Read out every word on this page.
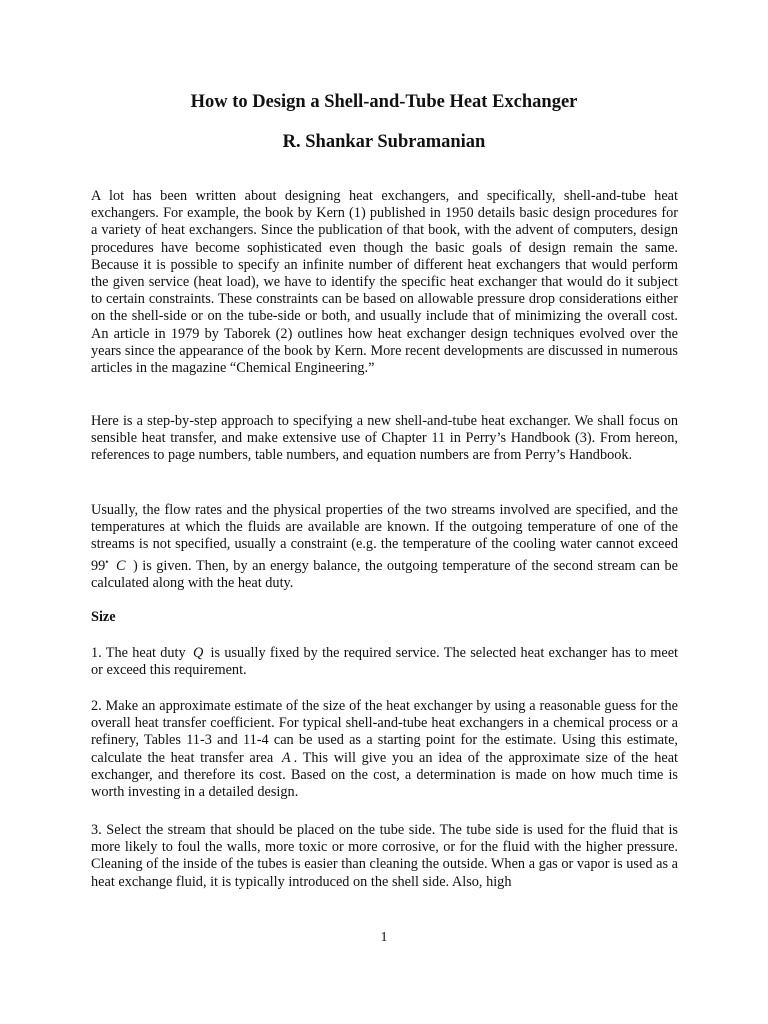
How to Design a Shell-and-Tube Heat Exchanger
R. Shankar Subramanian

A lot has been written about designing heat exchangers, and specifically, shell-and-tube heat exchangers. For example, the book by Kern (1) published in 1950 details basic design procedures for a variety of heat exchangers. Since the publication of that book, with the advent of computers, design procedures have become sophisticated even though the basic goals of design remain the same. Because it is possible to specify an infinite number of different heat exchangers that would perform the given service (heat load), we have to identify the specific heat exchanger that would do it subject to certain constraints. These constraints can be based on allowable pressure drop considerations either on the shell-side or on the tube-side or both, and usually include that of minimizing the overall cost. An article in 1979 by Taborek (2) outlines how heat exchanger design techniques evolved over the years since the appearance of the book by Kern. More recent developments are discussed in numerous articles in the magazine “Chemical Engineering.”

Here is a step-by-step approach to specifying a new shell-and-tube heat exchanger. We shall focus on sensible heat transfer, and make extensive use of Chapter 11 in Perry’s Handbook (3). From hereon, references to page numbers, table numbers, and equation numbers are from Perry’s Handbook.

Usually, the flow rates and the physical properties of the two streams involved are specified, and the temperatures at which the fluids are available are known. If the outgoing temperature of one of the streams is not specified, usually a constraint (e.g. the temperature of the cooling water cannot exceed 99• C ) is given. Then, by an energy balance, the outgoing temperature of the second stream can be calculated along with the heat duty.

Size

1. The heat duty Q is usually fixed by the required service. The selected heat exchanger has to meet or exceed this requirement.

2. Make an approximate estimate of the size of the heat exchanger by using a reasonable guess for the overall heat transfer coefficient. For typical shell-and-tube heat exchangers in a chemical process or a refinery, Tables 11-3 and 11-4 can be used as a starting point for the estimate. Using this estimate, calculate the heat transfer area A . This will give you an idea of the approximate size of the heat exchanger, and therefore its cost. Based on the cost, a determination is made on how much time is worth investing in a detailed design.

3. Select the stream that should be placed on the tube side. The tube side is used for the fluid that is more likely to foul the walls, more toxic or more corrosive, or for the fluid with the higher pressure. Cleaning of the inside of the tubes is easier than cleaning the outside. When a gas or vapor is used as a heat exchange fluid, it is typically introduced on the shell side. Also, high

1
